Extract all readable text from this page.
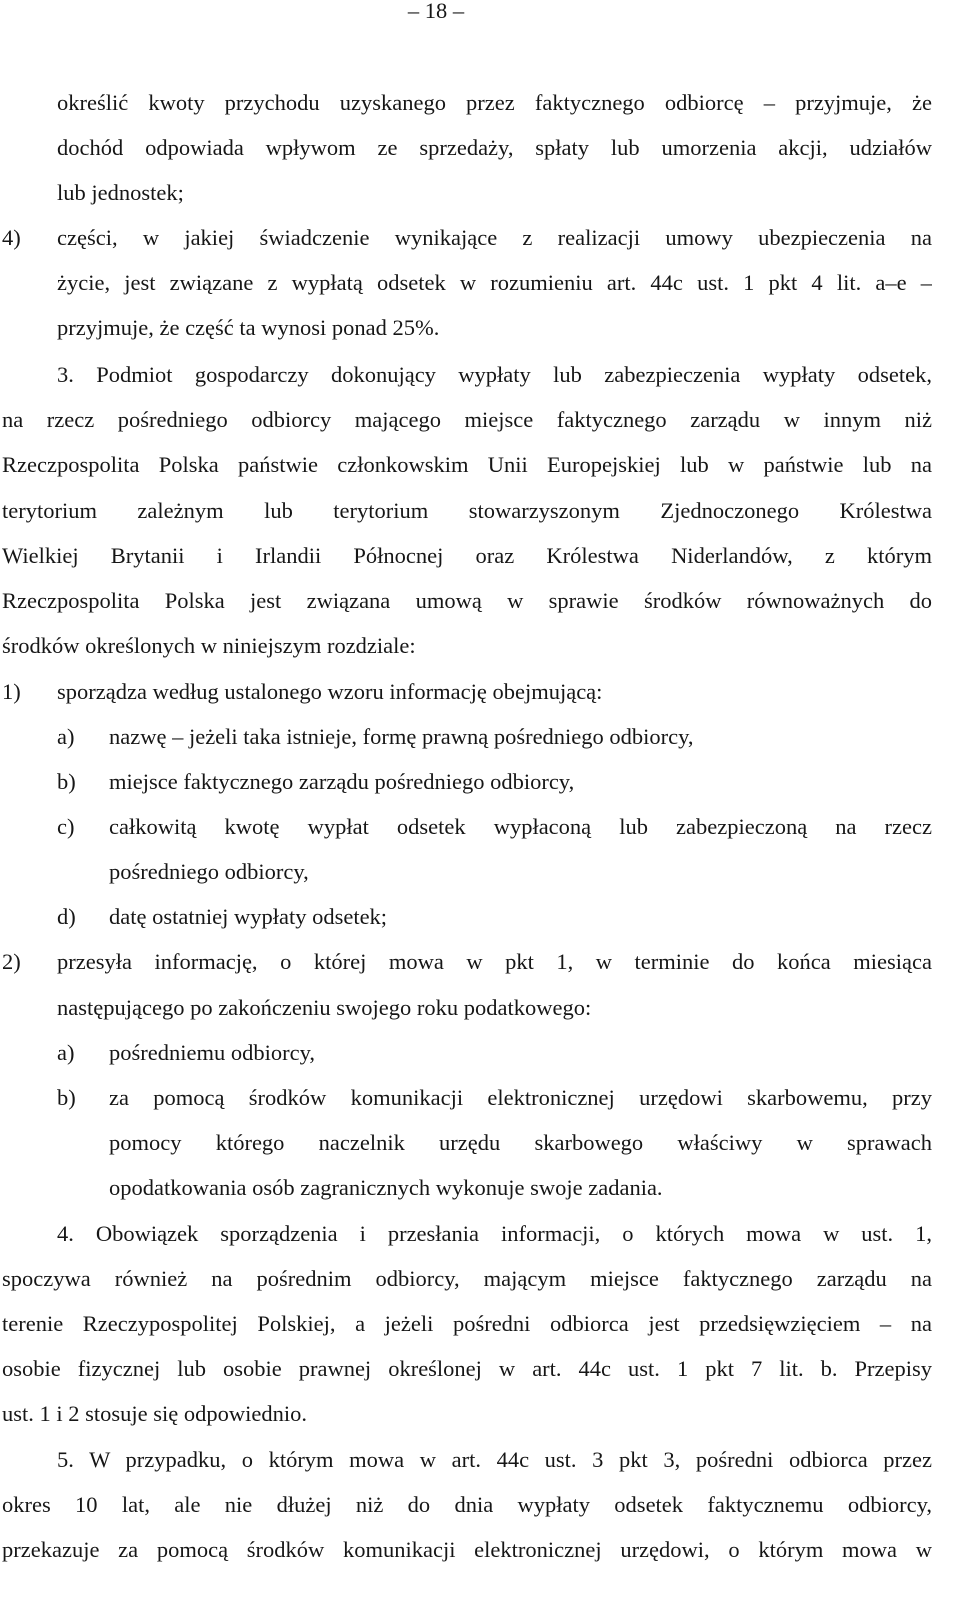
– 18 –
określić kwoty przychodu uzyskanego przez faktycznego odbiorcę – przyjmuje, że
dochód odpowiada wpływom ze sprzedaży, spłaty lub umorzenia akcji, udziałów
lub jednostek;
4) części, w jakiej świadczenie wynikające z realizacji umowy ubezpieczenia na
życie, jest związane z wypłatą odsetek w rozumieniu art. 44c ust. 1 pkt 4 lit. a–e –
przyjmuje, że część ta wynosi ponad 25%.
3. Podmiot gospodarczy dokonujący wypłaty lub zabezpieczenia wypłaty odsetek,
na rzecz pośredniego odbiorcy mającego miejsce faktycznego zarządu w innym niż
Rzeczpospolita Polska państwie członkowskim Unii Europejskiej lub w państwie lub na
terytorium zależnym lub terytorium stowarzyszonym Zjednoczonego Królestwa
Wielkiej Brytanii i Irlandii Północnej oraz Królestwa Niderlandów, z którym
Rzeczpospolita Polska jest związana umową w sprawie środków równoważnych do
środków określonych w niniejszym rozdziale:
1) sporządza według ustalonego wzoru informację obejmującą:
a) nazwę – jeżeli taka istnieje, formę prawną pośredniego odbiorcy,
b) miejsce faktycznego zarządu pośredniego odbiorcy,
c) całkowitą kwotę wypłat odsetek wypłaconą lub zabezpieczoną na rzecz
pośredniego odbiorcy,
d) datę ostatniej wypłaty odsetek;
2) przesyła informację, o której mowa w pkt 1, w terminie do końca miesiąca
następującego po zakończeniu swojego roku podatkowego:
a) pośredniemu odbiorcy,
b) za pomocą środków komunikacji elektronicznej urzędowi skarbowemu, przy
pomocy którego naczelnik urzędu skarbowego właściwy w sprawach
opodatkowania osób zagranicznych wykonuje swoje zadania.
4. Obowiązek sporządzenia i przesłania informacji, o których mowa w ust. 1,
spoczywa również na pośrednim odbiorcy, mającym miejsce faktycznego zarządu na
terenie Rzeczypospolitej Polskiej, a jeżeli pośredni odbiorca jest przedsięwzięciem – na
osobie fizycznej lub osobie prawnej określonej w art. 44c ust. 1 pkt 7 lit. b. Przepisy
ust. 1 i 2 stosuje się odpowiednio.
5. W przypadku, o którym mowa w art. 44c ust. 3 pkt 3, pośredni odbiorca przez
okres 10 lat, ale nie dłużej niż do dnia wypłaty odsetek faktycznemu odbiorcy,
przekazuje za pomocą środków komunikacji elektronicznej urzędowi, o którym mowa w
